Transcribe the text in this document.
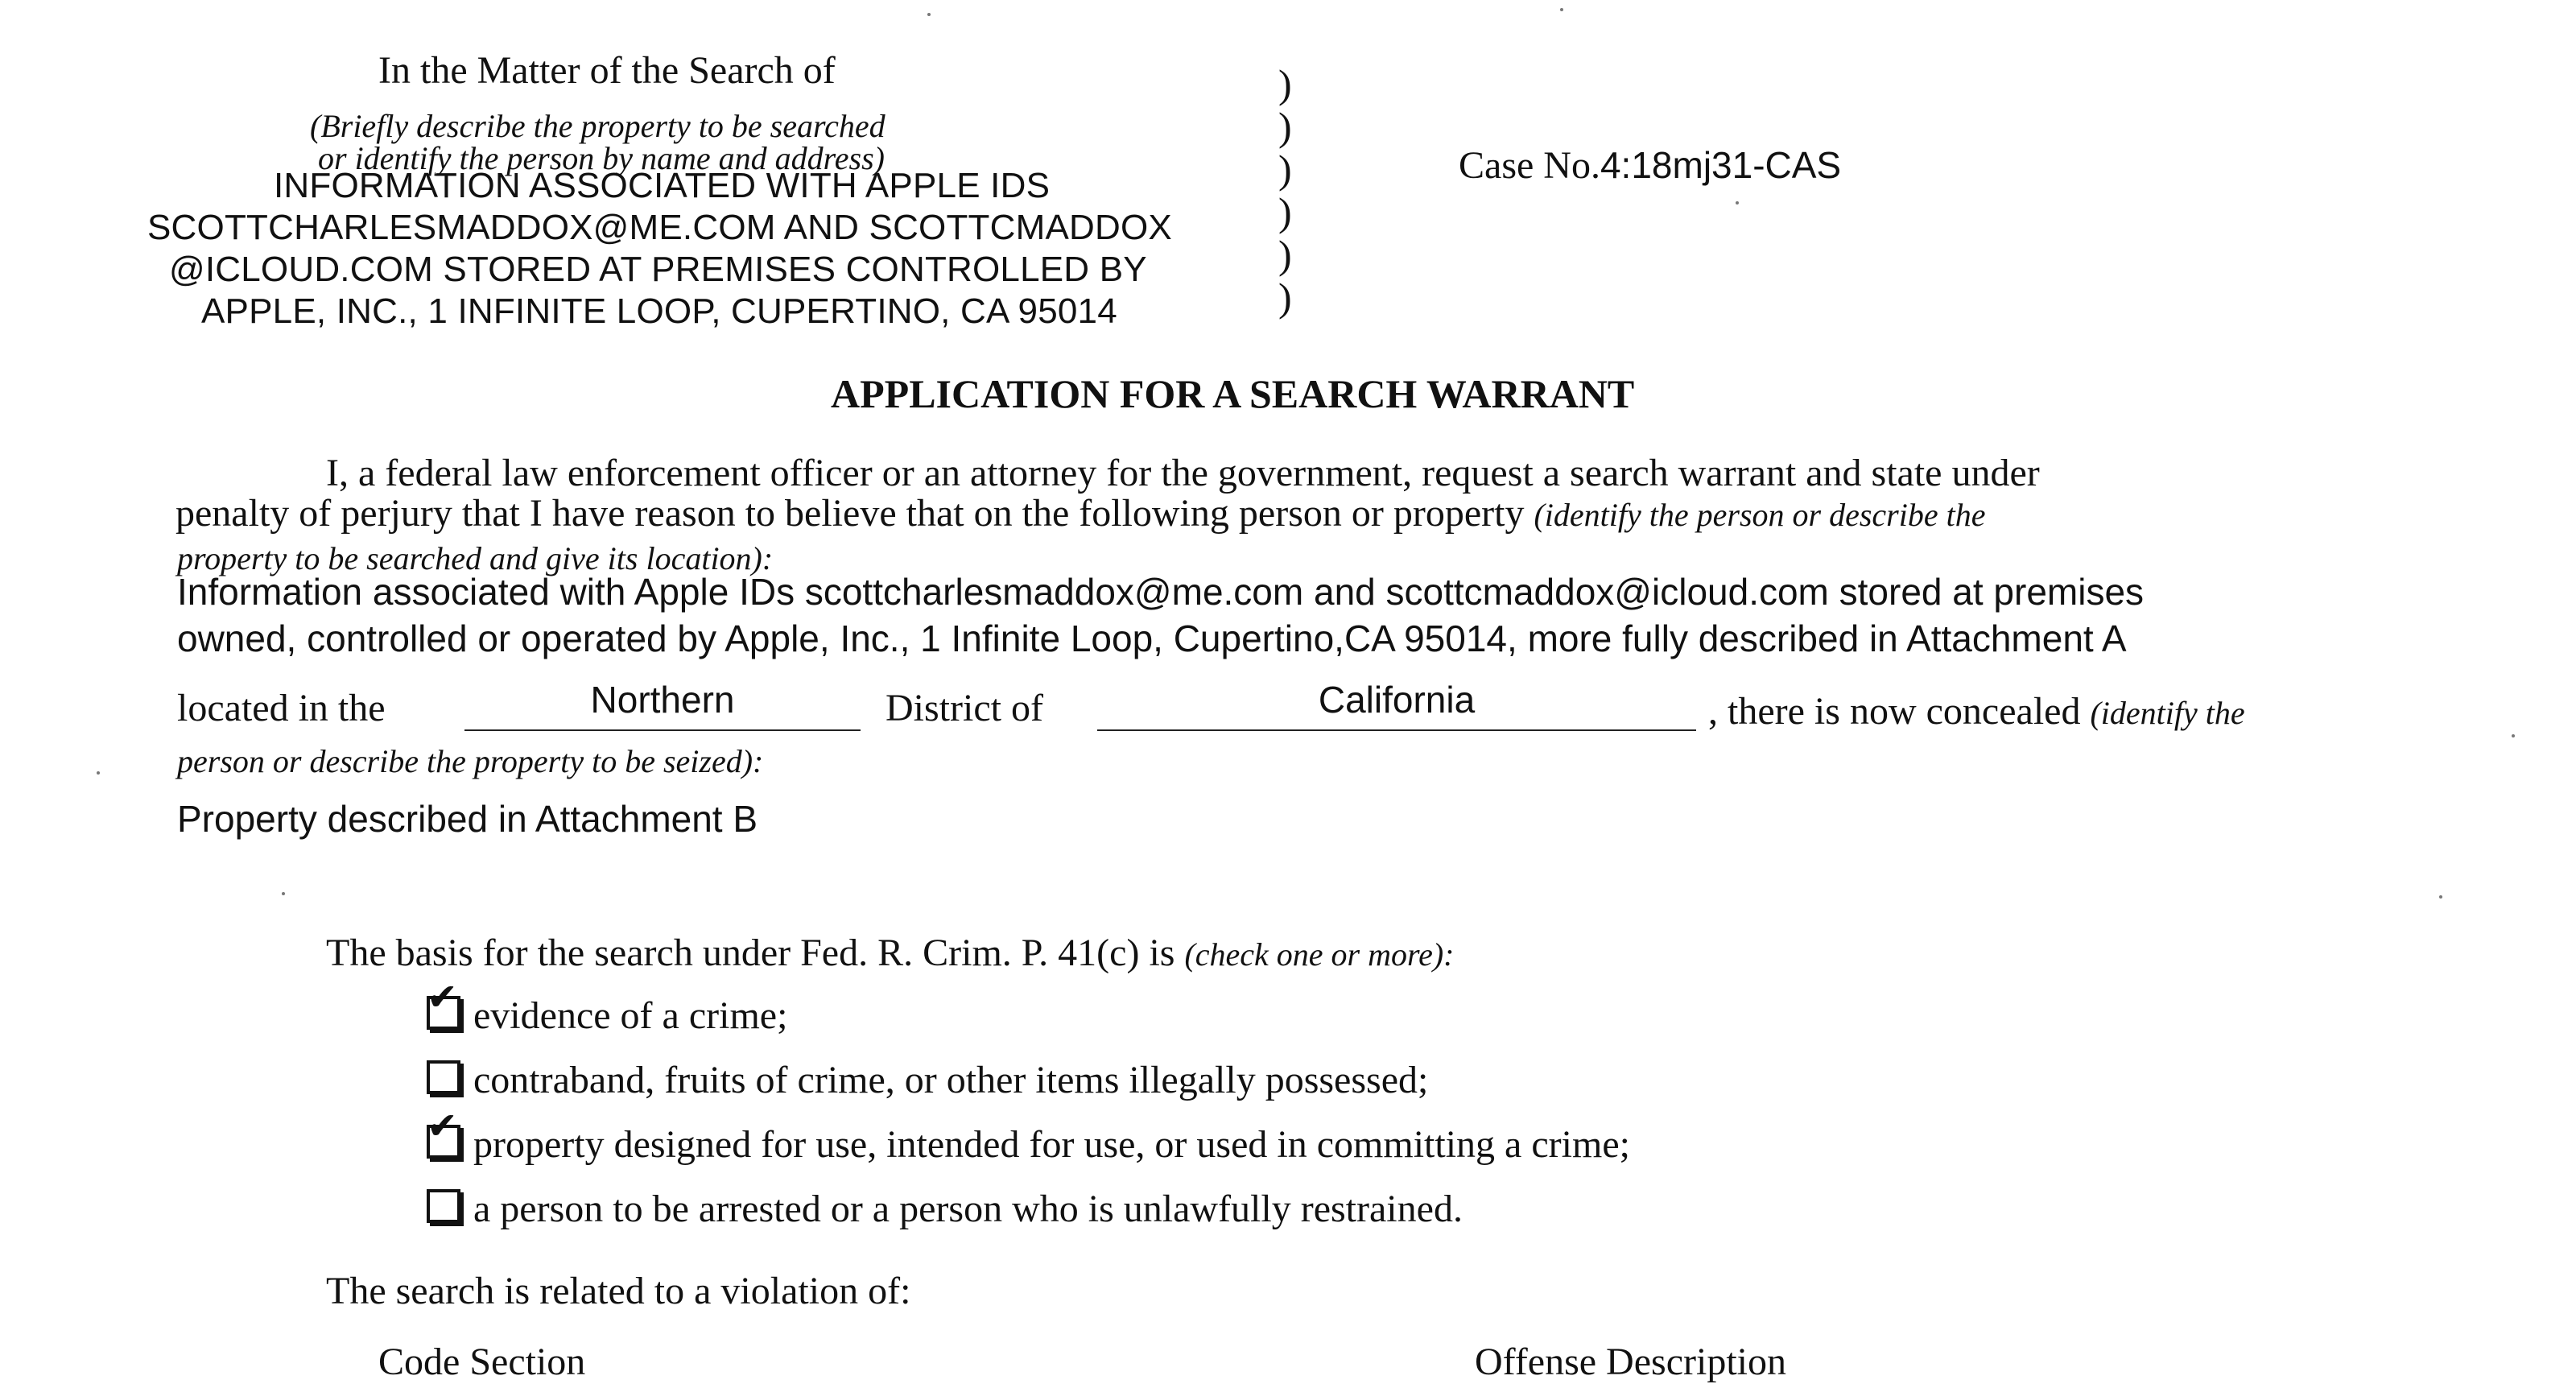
In the Matter of the Search of
(Briefly describe the property to be searched
or identify the person by name and address)
INFORMATION ASSOCIATED WITH APPLE IDS
SCOTTCHARLESMADDOX@ME.COM AND SCOTTCMADDOX
@ICLOUD.COM STORED AT PREMISES CONTROLLED BY
APPLE, INC., 1 INFINITE LOOP, CUPERTINO, CA 95014
)
)
)
)
)
)
Case No.4:18mj31-CAS
APPLICATION FOR A SEARCH WARRANT
I, a federal law enforcement officer or an attorney for the government, request a search warrant and state under
penalty of perjury that I have reason to believe that on the following person or property (identify the person or describe the
property to be searched and give its location):
Information associated with Apple IDs scottcharlesmaddox@me.com and scottcmaddox@icloud.com stored at premises
owned, controlled or operated by Apple, Inc., 1 Infinite Loop, Cupertino,CA 95014, more fully described in Attachment A
located in the	Northern	District of	California	, there is now concealed (identify the
person or describe the property to be seized):
Property described in Attachment B
The basis for the search under Fed. R. Crim. P. 41(c) is (check one or more):
✔ evidence of a crime;
contraband, fruits of crime, or other items illegally possessed;
✔ property designed for use, intended for use, or used in committing a crime;
a person to be arrested or a person who is unlawfully restrained.
The search is related to a violation of:
Code Section	Offense Description
